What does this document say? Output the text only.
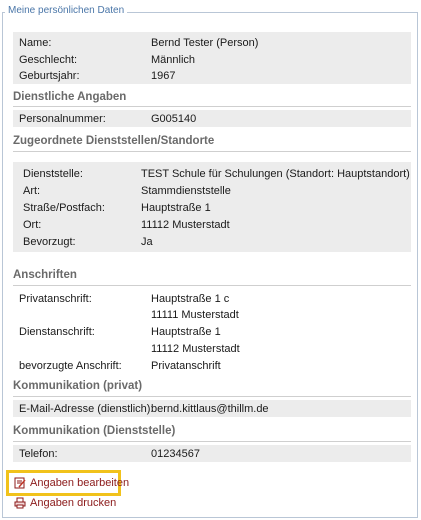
Meine persönlichen Daten
Name:	Bernd Tester (Person)
Geschlecht:	Männlich
Geburtsjahr:	1967
Dienstliche Angaben
Personalnummer:	G005140
Zugeordnete Dienststellen/Standorte
Dienststelle:	TEST Schule für Schulungen (Standort: Hauptstandort)
Art:	Stammdienststelle
Straße/Postfach:	Hauptstraße 1
Ort:	11112 Musterstadt
Bevorzugt:	Ja
Anschriften
Privatanschrift:	Hauptstraße 1 c
11111 Musterstadt
Dienstanschrift:	Hauptstraße 1
11112 Musterstadt
bevorzugte Anschrift:	Privatanschrift
Kommunikation (privat)
E-Mail-Adresse (dienstlich):
bernd.kittlaus@thillm.de
Kommunikation (Dienststelle)
Telefon:	01234567
Angaben bearbeiten
Angaben drucken
